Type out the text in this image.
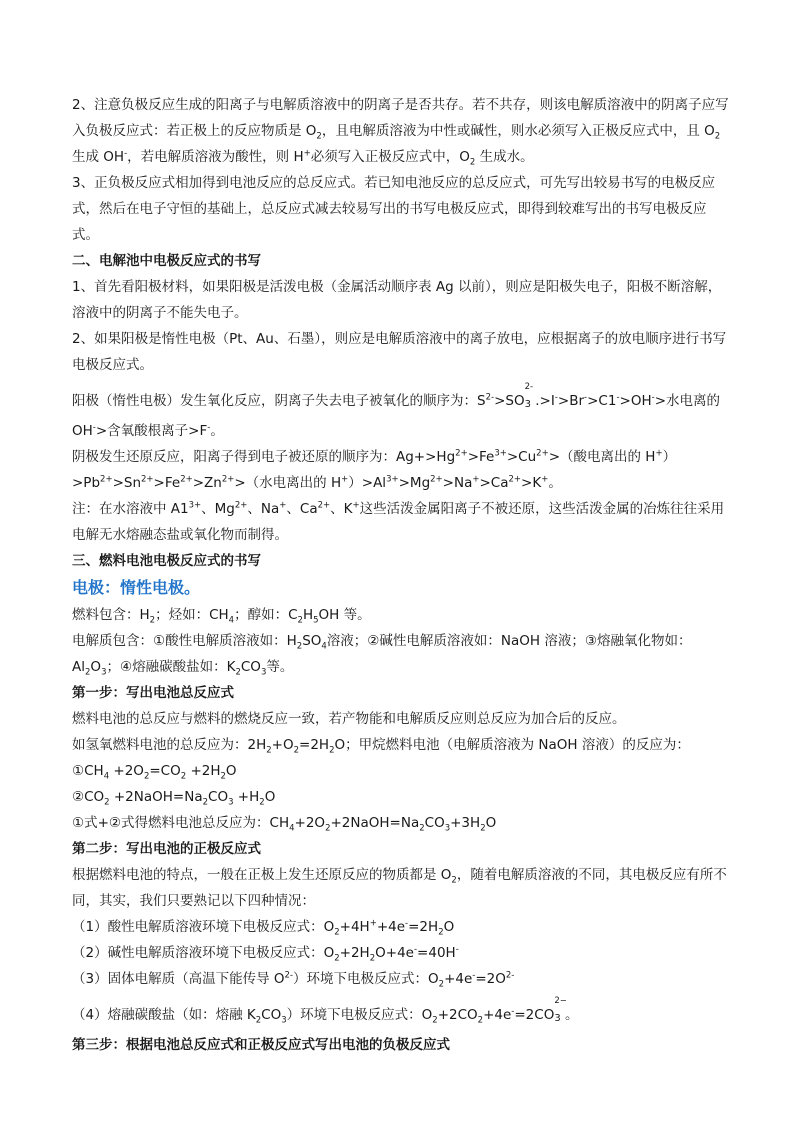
2、注意负极反应生成的阳离子与电解质溶液中的阴离子是否共存。若不共存，则该电解质溶液中的阴离子应写入负极反应式：若正极上的反应物质是 $O_2$，且电解质溶液为中性或碱性，则水必须写入正极反应式中，且 $O_2$ 生成 OH-，若电解质溶液为酸性，则 H+必须写入正极反应式中，$O_2$ 生成水。

3、正负极反应式相加得到电池反应的总反应式。若已知电池反应的总反应式，可先写出较易书写的电极反应式，然后在电子守恒的基础上，总反应式减去较易写出的书写电极反应式，即得到较难写出的书写电极反应式。

二、电解池中电极反应式的书写

1、首先看阳极材料，如果阳极是活泼电极（金属活动顺序表 Ag 以前），则应是阳极失电子，阳极不断溶解，溶液中的阴离子不能失电子。

2、如果阳极是惰性电极（Pt、Au、石墨），则应是电解质溶液中的离子放电，应根据离子的放电顺序进行书写电极反应式。

阳极（惰性电极）发生氧化反应，阴离子失去电子被氧化的顺序为：$S^{2-}>SO$
2-
3 .>I->Br->C1->OH->水电离的 OH->含氧酸根离子>F-。

阴极发生还原反应，阳离子得到电子被还原的顺序为：$Ag+>Hg^{2+}>Fe^{3+}>Cu^{2+}>$（酸电离出的 $H^+)>Pb^{2+}>Sn^{2+}>Fe^{2+}>Zn^{2+}>$（水电离出的 $H^+)>Al^{3+}>Mg^{2+}>Na^+>Ca^{2+}>K^+$。

注：在水溶液中 $A1^{3+}$、$Mg^{2+}$、Na+、$Ca^{2+}$、K+这些活泼金属阳离子不被还原，这些活泼金属的冶炼往往采用电解无水熔融态盐或氧化物而制得。

三、燃料电池电极反应式的书写

电极：惰性电极。

燃料包含：$H_2$；烃如：$CH_4$；醇如：$C_2H_5OH$ 等。

电解质包含：①酸性电解质溶液如：$H_2SO_4$溶液；②碱性电解质溶液如：NaOH 溶液；③熔融氧化物如：$Al_2O_3$；④熔融碳酸盐如：$K_2CO_3$等。

第一步：写出电池总反应式

燃料电池的总反应与燃料的燃烧反应一致，若产物能和电解质反应则总反应为加合后的反应。

如氢氧燃料电池的总反应为：$2H_2+O_2=2H_2O$；甲烷燃料电池（电解质溶液为 NaOH 溶液）的反应为：

$①CH_4 +2O_2=CO_2 +2H_2O$

$②CO_2$ $+2NaOH=Na_2CO_3 +H_2O$

①式+②式得燃料电池总反应为：$CH_4+2O_2+2NaOH=Na_2CO_3+3H_2O$

第二步：写出电池的正极反应式

根据燃料电池的特点，一般在正极上发生还原反应的物质都是 $O_2$，随着电解质溶液的不同，其电极反应有所不同，其实，我们只要熟记以下四种情况：

（1）酸性电解质溶液环境下电极反应式：$O_2+4H^++4e^-=2H_2O$

（2）碱性电解质溶液环境下电极反应式：$O_2+2H_2O+4e^-=40H^-$

（3）固体电解质（高温下能传导 $O^{2-}$）环境下电极反应式：$O_2+4e^-=2O^{2-}$

（4）熔融碳酸盐（如：熔融 $K_2CO_3$）环境下电极反应式：$O_2+2CO_2+4e^-=2CO$
2−
3 。

第三步：根据电池总反应式和正极反应式写出电池的负极反应式
